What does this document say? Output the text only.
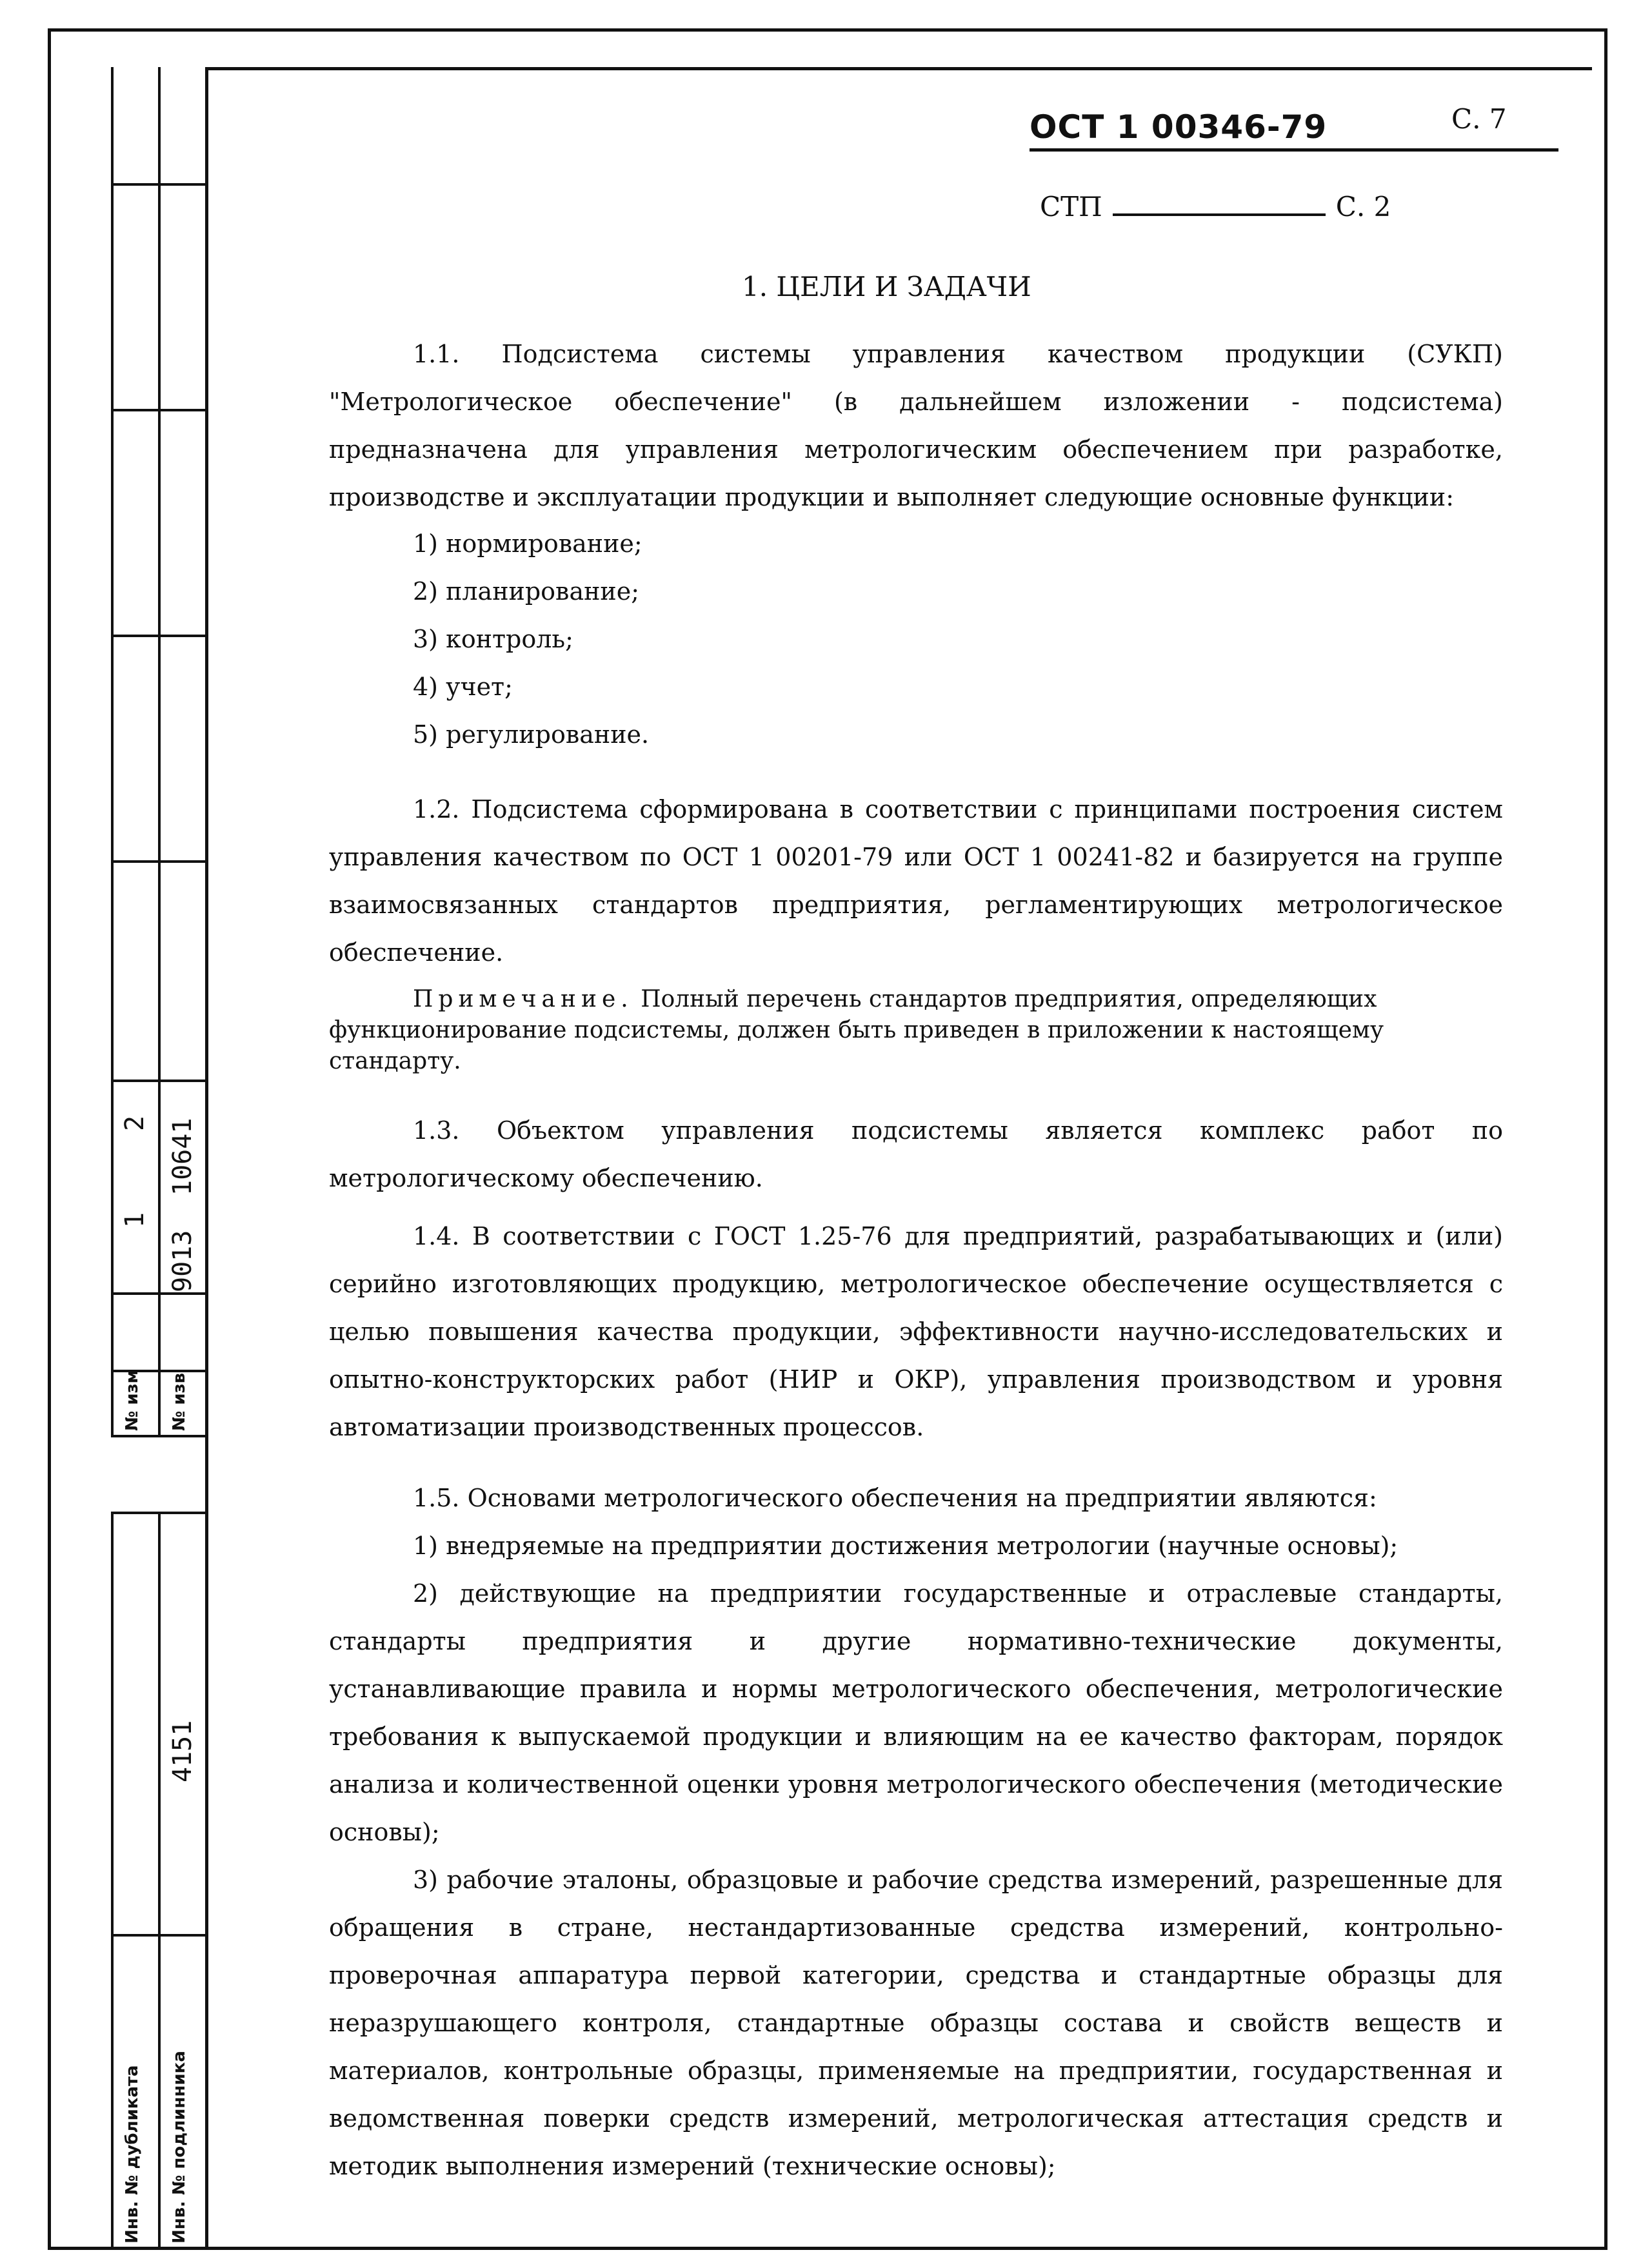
№ изм № изв
1
2
9013
10641
4151
Инв. № дубликата Инв. № подлинника
ОСТ 1 00346-79	С. 7
СТП	С. 2
1. ЦЕЛИ И ЗАДАЧИ

1.1. Подсистема системы управления качеством продукции (СУКП) "Метрологическое обеспечение" (в дальнейшем изложении - подсистема) предназначена для управления метрологическим обеспечением при разработке, производстве и эксплуатации продукции и выполняет следующие основные функции:

1) нормирование;
2) планирование;
3) контроль;
4) учет;
5) регулирование.

1.2. Подсистема сформирована в соответствии с принципами построения систем управления качеством по ОСТ 1 00201-79 или ОСТ 1 00241-82 и базируется на группе взаимосвязанных стандартов предприятия, регламентирующих метрологическое обеспечение.

Примечание. Полный перечень стандартов предприятия, определяющих функционирование подсистемы, должен быть приведен в приложении к настоящему стандарту.

1.3. Объектом управления подсистемы является комплекс работ по метрологическому обеспечению.

1.4. В соответствии с ГОСТ 1.25-76 для предприятий, разрабатывающих и (или) серийно изготовляющих продукцию, метрологическое обеспечение осуществляется с целью повышения качества продукции, эффективности научно-исследовательских и опытно-конструкторских работ (НИР и ОКР), управления производством и уровня автоматизации производственных процессов.

1.5. Основами метрологического обеспечения на предприятии являются:

1) внедряемые на предприятии достижения метрологии (научные основы);

2) действующие на предприятии государственные и отраслевые стандарты, стандарты предприятия и другие нормативно-технические документы, устанавливающие правила и нормы метрологического обеспечения, метрологические требования к выпускаемой продукции и влияющим на ее качество факторам, порядок анализа и количественной оценки уровня метрологического обеспечения (методические основы);

3) рабочие эталоны, образцовые и рабочие средства измерений, разрешенные для обращения в стране, нестандартизованные средства измерений, контрольно-проверочная аппаратура первой категории, средства и стандартные образцы для неразрушающего контроля, стандартные образцы состава и свойств веществ и материалов, контрольные образцы, применяемые на предприятии, государственная и ведомственная поверки средств измерений, метрологическая аттестация средств и методик выполнения измерений (технические основы);
